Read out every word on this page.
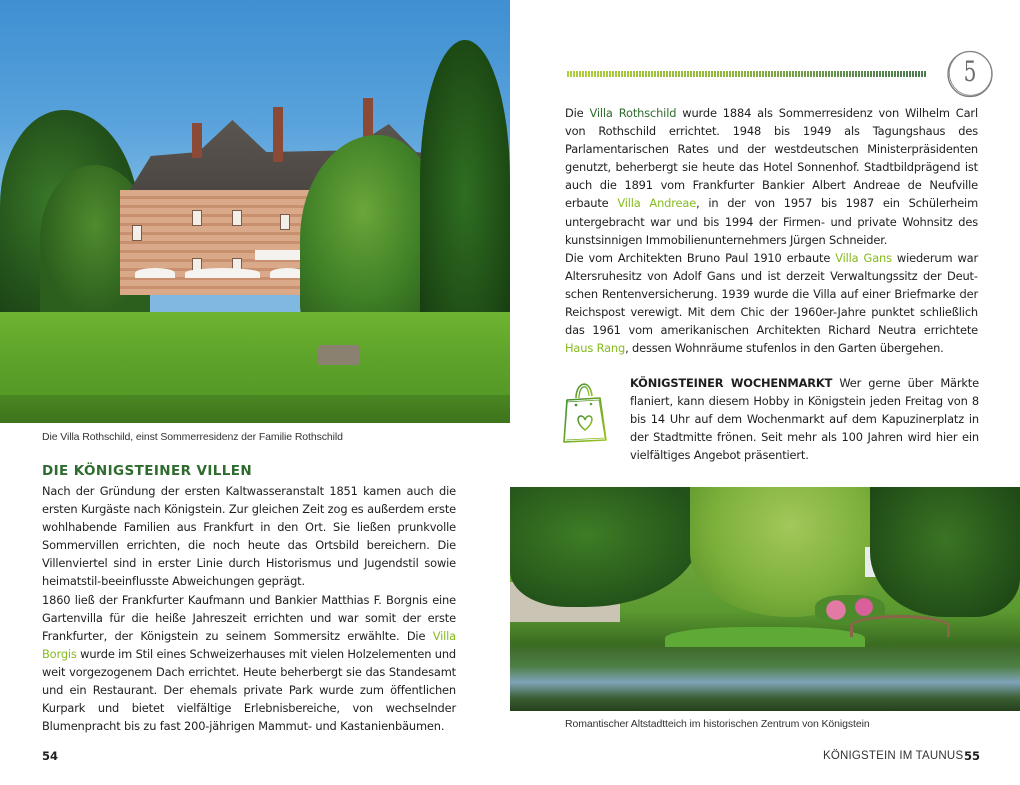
Die Villa Rothschild, einst Sommerresidenz der Familie Rothschild
DIE KÖNIGSTEINER VILLEN

Nach der Gründung der ersten Kaltwasseranstalt 1851 kamen auch die ersten Kurgäste nach Königstein. Zur gleichen Zeit zog es außerdem erste wohlhabende Familien aus Frankfurt in den Ort. Sie ließen prunkvolle Sommervillen errichten, die noch heute das Ortsbild bereichern. Die Villenviertel sind in erster Linie durch Historismus und Jugendstil sowie heimatstil-beeinflusste Abweichungen geprägt.

1860 ließ der Frankfurter Kaufmann und Bankier Matthias F. Borgnis eine Gartenvilla für die heiße Jahreszeit errichten und war somit der erste Frankfurter, der Königstein zu seinem Sommersitz erwählte. Die Villa Borgis wurde im Stil eines Schweizerhauses mit vielen Holzelementen und weit vorgezogenem Dach errichtet. Heute beherbergt sie das Standesamt und ein Restaurant. Der ehemals private Park wurde zum öffentlichen Kurpark und bietet vielfältige Erlebnisbereiche, von wechselnder Blumenpracht bis zu fast 200-jährigen Mammut- und Kastanienbäumen.

54
5

Die Villa Rothschild wurde 1884 als Sommerresidenz von Wilhelm Carl von Rothschild errichtet. 1948 bis 1949 als Tagungshaus des Parlamentarischen Rates und der westdeutschen Ministerpräsidenten genutzt, beherbergt sie heute das Hotel Sonnenhof. Stadtbildprägend ist auch die 1891 vom Frankfurter Bankier Albert Andreae de Neufville erbaute Villa Andreae, in der von 1957 bis 1987 ein Schülerheim untergebracht war und bis 1994 der Firmen- und private Wohnsitz des kunstsinnigen Immobilienunternehmers Jürgen Schneider.

Die vom Architekten Bruno Paul 1910 erbaute Villa Gans wiederum war Altersruhesitz von Adolf Gans und ist derzeit Verwaltungssitz der Deutschen Rentenversicherung. 1939 wurde die Villa auf einer Briefmarke der Reichspost verewigt. Mit dem Chic der 1960er-Jahre punktet schließlich das 1961 vom amerikanischen Architekten Richard Neutra errichtete Haus Rang, dessen Wohnräume stufenlos in den Garten übergehen.

KÖNIGSTEINER WOCHENMARKT Wer gerne über Märkte flaniert, kann diesem Hobby in Königstein jeden Freitag von 8 bis 14 Uhr auf dem Wochenmarkt auf dem Kapuzinerplatz in der Stadtmitte frönen. Seit mehr als 100 Jahren wird hier ein vielfältiges Angebot präsentiert.

Romantischer Altstadtteich im historischen Zentrum von Königstein
KÖNIGSTEIN IM TAUNUS 55
